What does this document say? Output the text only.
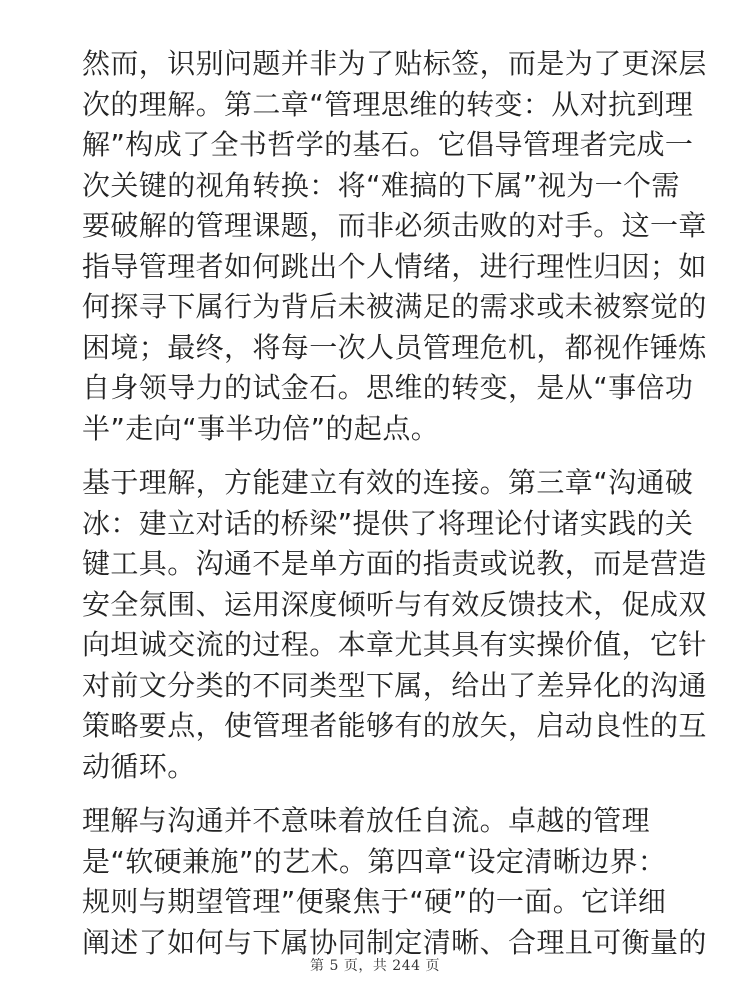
然而，识别问题并非为了贴标签，而是为了更深层
次的理解。第二章“管理思维的转变：从对抗到理
解”构成了全书哲学的基石。它倡导管理者完成一
次关键的视角转换：将“难搞的下属”视为一个需
要破解的管理课题，而非必须击败的对手。这一章
指导管理者如何跳出个人情绪，进行理性归因；如
何探寻下属行为背后未被满足的需求或未被察觉的
困境；最终，将每一次人员管理危机，都视作锤炼
自身领导力的试金石。思维的转变，是从“事倍功
半”走向“事半功倍”的起点。

基于理解，方能建立有效的连接。第三章“沟通破
冰：建立对话的桥梁”提供了将理论付诸实践的关
键工具。沟通不是单方面的指责或说教，而是营造
安全氛围、运用深度倾听与有效反馈技术，促成双
向坦诚交流的过程。本章尤其具有实操价值，它针
对前文分类的不同类型下属，给出了差异化的沟通
策略要点，使管理者能够有的放矢，启动良性的互
动循环。

理解与沟通并不意味着放任自流。卓越的管理
是“软硬兼施”的艺术。第四章“设定清晰边界：
规则与期望管理”便聚焦于“硬”的一面。它详细
阐述了如何与下属协同制定清晰、合理且可衡量的

第 5 页，共 244 页
